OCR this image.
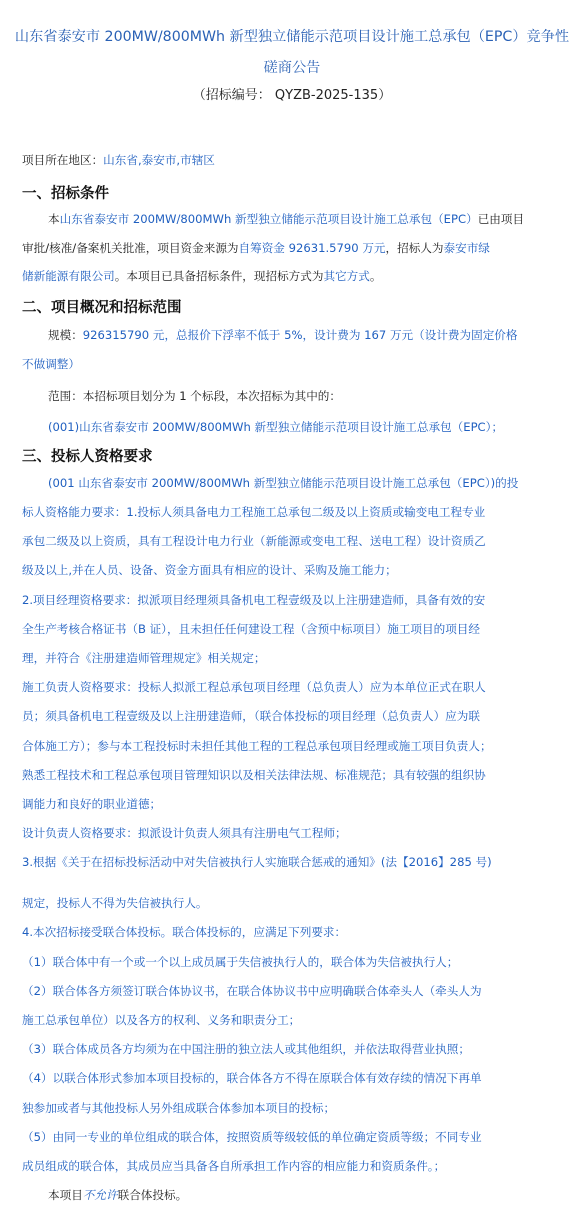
山东省泰安市 200MW/800MWh 新型独立储能示范项目设计施工总承包（EPC）竞争性磋商公告
（招标编号： QYZB-2025-135）
项目所在地区：山东省,泰安市,市辖区
一、招标条件
本山东省泰安市 200MW/800MWh 新型独立储能示范项目设计施工总承包（EPC）已由项目
审批/核准/备案机关批准，项目资金来源为自筹资金 92631.5790 万元，招标人为泰安市绿
储新能源有限公司。本项目已具备招标条件，现招标方式为其它方式。
二、项目概况和招标范围
规模：926315790 元，总报价下浮率不低于 5%，设计费为 167 万元（设计费为固定价格
不做调整）
范围：本招标项目划分为 1 个标段，本次招标为其中的：
(001)山东省泰安市 200MW/800MWh 新型独立储能示范项目设计施工总承包（EPC）；
三、投标人资格要求
(001 山东省泰安市 200MW/800MWh 新型独立储能示范项目设计施工总承包（EPC）)的投
标人资格能力要求：1.投标人须具备电力工程施工总承包二级及以上资质或输变电工程专业
承包二级及以上资质，具有工程设计电力行业（新能源或变电工程、送电工程）设计资质乙
级及以上,并在人员、设备、资金方面具有相应的设计、采购及施工能力；
2.项目经理资格要求：拟派项目经理须具备机电工程壹级及以上注册建造师，具备有效的安
全生产考核合格证书（B 证），且未担任任何建设工程（含预中标项目）施工项目的项目经
理，并符合《注册建造师管理规定》相关规定；
施工负责人资格要求：投标人拟派工程总承包项目经理（总负责人）应为本单位正式在职人
员；须具备机电工程壹级及以上注册建造师，（联合体投标的项目经理（总负责人）应为联
合体施工方）；参与本工程投标时未担任其他工程的工程总承包项目经理或施工项目负责人；
熟悉工程技术和工程总承包项目管理知识以及相关法律法规、标准规范；具有较强的组织协
调能力和良好的职业道德；
设计负责人资格要求：拟派设计负责人须具有注册电气工程师；
3.根据《关于在招标投标活动中对失信被执行人实施联合惩戒的通知》(法【2016】285 号)
规定，投标人不得为失信被执行人。
4.本次招标接受联合体投标。联合体投标的，应满足下列要求：
（1）联合体中有一个或一个以上成员属于失信被执行人的，联合体为失信被执行人；
（2）联合体各方须签订联合体协议书，在联合体协议书中应明确联合体牵头人（牵头人为
施工总承包单位）以及各方的权利、义务和职责分工；
（3）联合体成员各方均须为在中国注册的独立法人或其他组织，并依法取得营业执照；
（4）以联合体形式参加本项目投标的，联合体各方不得在原联合体有效存续的情况下再单
独参加或者与其他投标人另外组成联合体参加本项目的投标；
（5）由同一专业的单位组成的联合体，按照资质等级较低的单位确定资质等级；不同专业
成员组成的联合体，其成员应当具备各自所承担工作内容的相应能力和资质条件。；
本项目不允许联合体投标。
